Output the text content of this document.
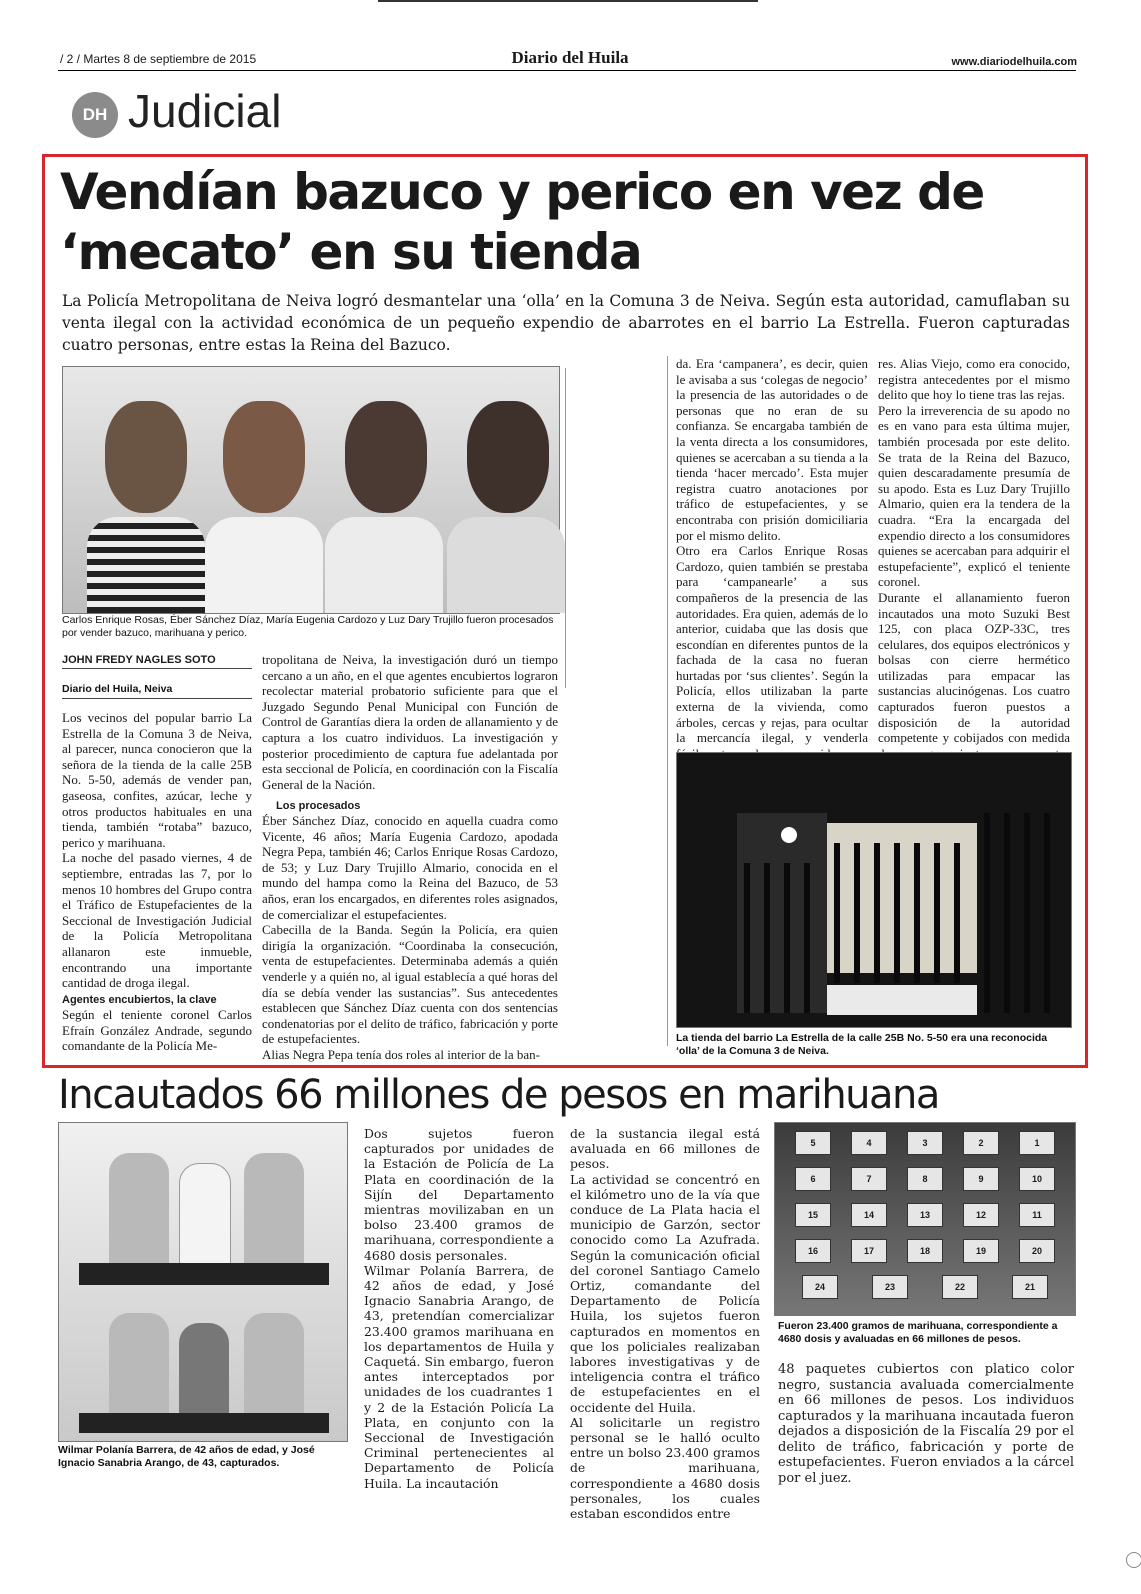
/ 2 / Martes 8 de septiembre de 2015	Diario del Huila	www.diariodelhuila.com
DH Judicial
Vendían bazuco y perico en vez de ‘mecato’ en su tienda
La Policía Metropolitana de Neiva logró desmantelar una ‘olla’ en la Comuna 3 de Neiva. Según esta autoridad, camuflaban su venta ilegal con la actividad económica de un pequeño expendio de abarrotes en el barrio La Estrella. Fueron capturadas cuatro personas, entre estas la Reina del Bazuco.
Carlos Enrique Rosas, Éber Sánchez Díaz, María Eugenia Cardozo y Luz Dary Trujillo fueron procesados por vender bazuco, marihuana y perico.
JOHN FREDY NAGLES SOTO
Diario del Huila, Neiva
Los vecinos del popular barrio La Estrella de la Comuna 3 de Neiva, al parecer, nunca conocieron que la señora de la tienda de la calle 25B No. 5-50, además de vender pan, gaseosa, confites, azúcar, leche y otros productos habituales en una tienda, también “rotaba” bazuco, perico y marihuana.
La noche del pasado viernes, 4 de septiembre, entradas las 7, por lo menos 10 hombres del Grupo contra el Tráfico de Estupefacientes de la Seccional de Investigación Judicial de la Policía Metropolitana allanaron este inmueble, encontrando una importante cantidad de droga ilegal.
Agentes encubiertos, la clave
Según el teniente coronel Carlos Efraín González Andrade, segundo comandante de la Policía Me-
tropolitana de Neiva, la investigación duró un tiempo cercano a un año, en el que agentes encubiertos lograron recolectar material probatorio suficiente para que el Juzgado Segundo Penal Municipal con Función de Control de Garantías diera la orden de allanamiento y de captura a los cuatro individuos. La investigación y posterior procedimiento de captura fue adelantada por esta seccional de Policía, en coordinación con la Fiscalía General de la Nación.
Los procesados
Éber Sánchez Díaz, conocido en aquella cuadra como Vicente, 46 años; María Eugenia Cardozo, apodada Negra Pepa, también 46; Carlos Enrique Rosas Cardozo, de 53; y Luz Dary Trujillo Almario, conocida en el mundo del hampa como la Reina del Bazuco, de 53 años, eran los encargados, en diferentes roles asignados, de comercializar el estupefacientes.
Cabecilla de la Banda. Según la Policía, era quien dirigía la organización. “Coordinaba la consecución, venta de estupefacientes. Determinaba además a quién venderle y a quién no, al igual establecía a qué horas del día se debía vender las sustancias”. Sus antecedentes establecen que Sánchez Díaz cuenta con dos sentencias condenatorias por el delito de tráfico, fabricación y porte de estupefacientes.
Alias Negra Pepa tenía dos roles al interior de la ban-
da. Era ‘campanera’, es decir, quien le avisaba a sus ‘colegas de negocio’ la presencia de las autoridades o de personas que no eran de su confianza. Se encargaba también de la venta directa a los consumidores, quienes se acercaban a su tienda a la tienda ‘hacer mercado’. Esta mujer registra cuatro anotaciones por tráfico de estupefacientes, y se encontraba con prisión domiciliaria por el mismo delito.
Otro era Carlos Enrique Rosas Cardozo, quien también se prestaba para ‘campanearle’ a sus compañeros de la presencia de las autoridades. Era quien, además de lo anterior, cuidaba que las dosis que escondían en diferentes puntos de la fachada de la casa no fueran hurtadas por ‘sus clientes’. Según la Policía, ellos utilizaban la parte externa de la vivienda, como árboles, cercas y rejas, para ocultar la mercancía ilegal, y venderla
res. Alias Viejo, como era conocido, registra antecedentes por el mismo delito que hoy lo tiene tras las rejas.
Pero la irreverencia de su apodo no es en vano para esta última mujer, también procesada por este delito. Se trata de la Reina del Bazuco, quien descaradamente presumía de su apodo. Esta es Luz Dary Trujillo Almario, quien era la tendera de la cuadra. “Era la encargada del expendio directo a los consumidores quienes se acercaban para adquirir el estupefaciente”, explicó el teniente coronel.
Durante el allanamiento fueron incautados una moto Suzuki Best 125, con placa OZP-33C, tres celulares, dos equipos electrónicos y bolsas con cierre hermético utilizadas para empacar las sustancias alucinógenas. Los cuatro capturados fueron puestos a disposición de la autoridad competente y cobijados con medida
La tienda del barrio La Estrella de la calle 25B No. 5-50 era una reconocida ‘olla’ de la Comuna 3 de Neiva.
Incautados 66 millones de pesos en marihuana
Wilmar Polanía Barrera, de 42 años de edad, y José Ignacio Sanabria Arango, de 43, capturados.
Dos sujetos fueron capturados por unidades de la Estación de Policía de La Plata en coordinación de la Sijín del Departamento mientras movilizaban en un bolso 23.400 gramos de marihuana, correspondiente a 4680 dosis personales.
Wilmar Polanía Barrera, de 42 años de edad, y José Ignacio Sanabria Arango, de 43, pretendían comercializar 23.400 gramos marihuana en los departamentos de Huila y Caquetá. Sin embargo, fueron antes interceptados por unidades de los cuadrantes 1 y 2 de la Estación Policía La Plata, en conjunto con la Seccional de Investigación Criminal pertenecientes al Departamento de Policía Huila. La incautación
de la sustancia ilegal está avaluada en 66 millones de pesos.
La actividad se concentró en el kilómetro uno de la vía que conduce de La Plata hacia el municipio de Garzón, sector conocido como La Azufrada. Según la comunicación oficial del coronel Santiago Camelo Ortiz, comandante del Departamento de Policía Huila, los sujetos fueron capturados en momentos en que los policiales realizaban labores investigativas y de inteligencia contra el tráfico de estupefacientes en el occidente del Huila.
Al solicitarle un registro personal se le halló oculto entre un bolso 23.400 gramos de marihuana, correspondiente a 4680 dosis personales, los cuales estaban escondidos entre
5	4	3	2	1
6	7	8	9	10
15	14	13	12	11
16	17	18	19	20
24	23	22	21
Fueron 23.400 gramos de marihuana, correspondiente a 4680 dosis y avaluadas en 66 millones de pesos.
48 paquetes cubiertos con platico color negro, sustancia avaluada comercialmente en 66 millones de pesos. Los individuos capturados y la marihuana incautada fueron dejados a disposición de la Fiscalía 29 por el delito de tráfico, fabricación y porte de estupefacientes. Fueron enviados a la cárcel por el juez.
